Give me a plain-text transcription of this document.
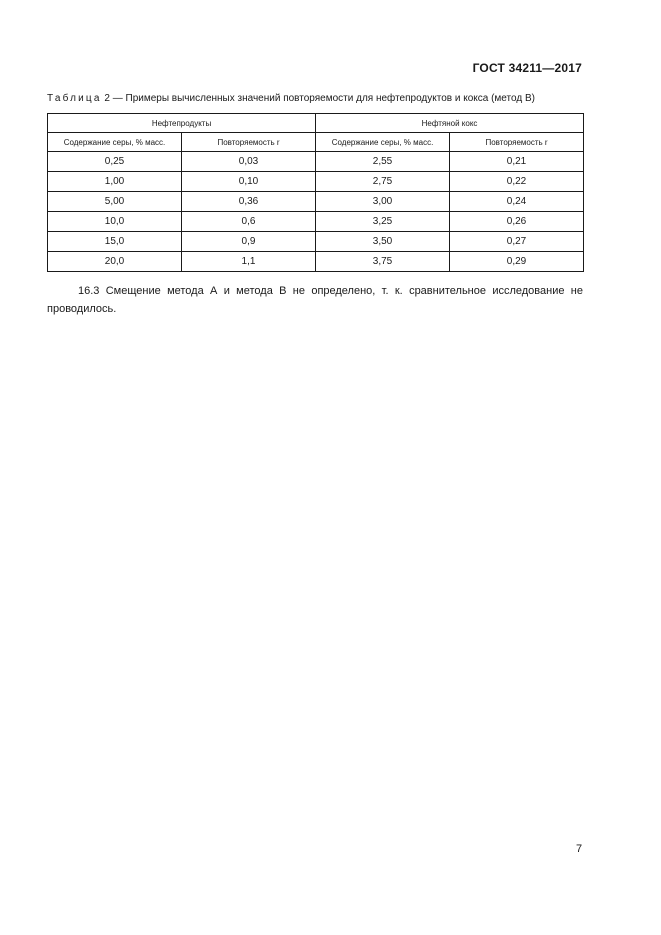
ГОСТ 34211—2017
Таблица 2 — Примеры вычисленных значений повторяемости для нефтепродуктов и кокса (метод В)
Нефтепродукты		Нефтяной кокс	
Содержание серы, % масс.	Повторяемость r	Содержание серы, % масс.	Повторяемость r
0,25	0,03	2,55	0,21
1,00	0,10	2,75	0,22
5,00	0,36	3,00	0,24
10,0	0,6	3,25	0,26
15,0	0,9	3,50	0,27
20,0	1,1	3,75	0,29
16.3 Смещение метода А и метода В не определено, т. к. сравнительное исследование не проводилось.
7
